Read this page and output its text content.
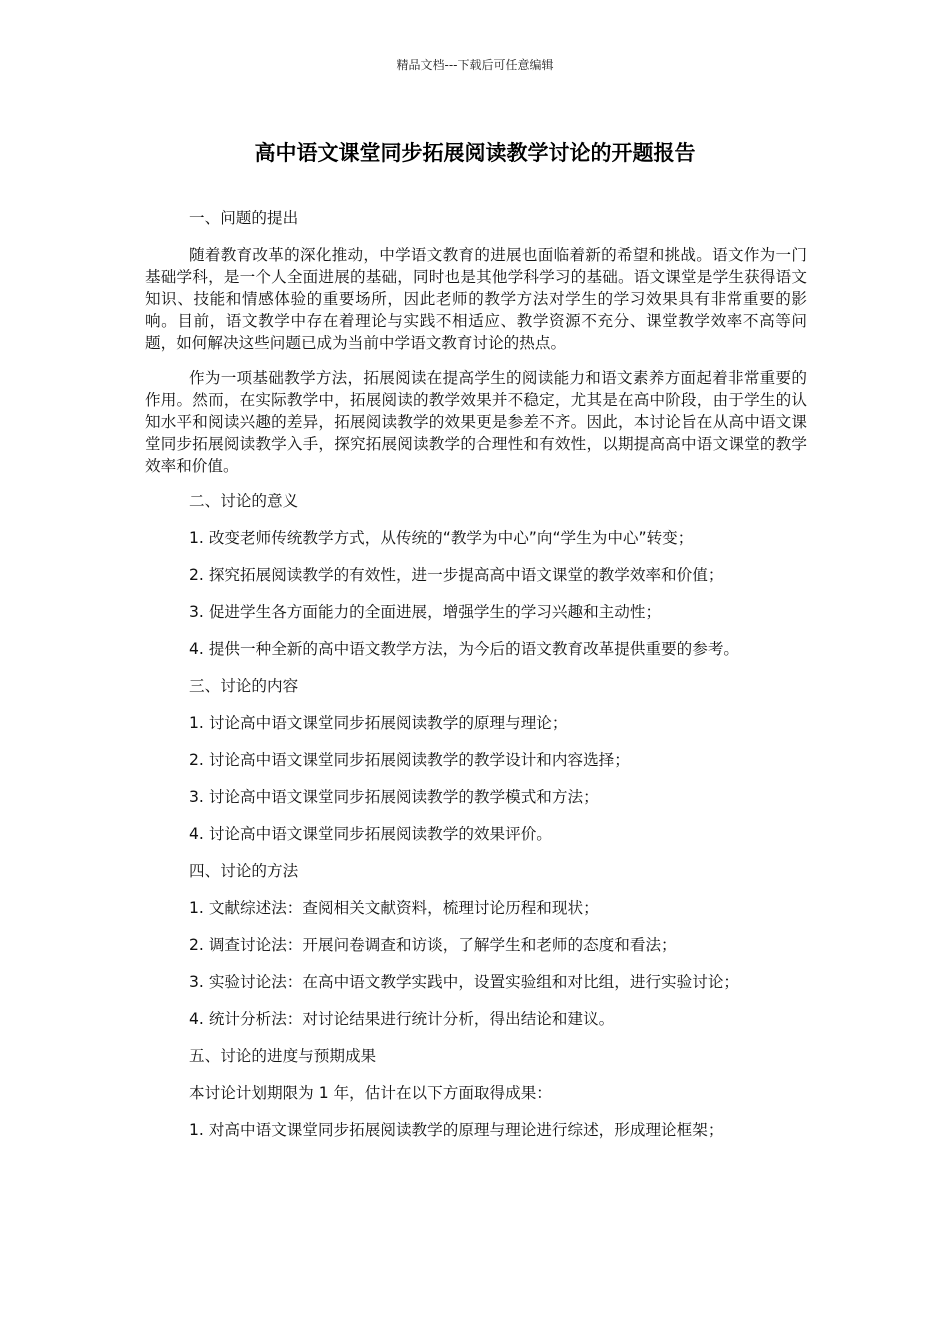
精品文档---下载后可任意编辑
高中语文课堂同步拓展阅读教学讨论的开题报告
一、问题的提出
随着教育改革的深化推动，中学语文教育的进展也面临着新的希望和挑战。语文作为一门基础学科，是一个人全面进展的基础，同时也是其他学科学习的基础。语文课堂是学生获得语文知识、技能和情感体验的重要场所，因此老师的教学方法对学生的学习效果具有非常重要的影响。目前，语文教学中存在着理论与实践不相适应、教学资源不充分、课堂教学效率不高等问题，如何解决这些问题已成为当前中学语文教育讨论的热点。
作为一项基础教学方法，拓展阅读在提高学生的阅读能力和语文素养方面起着非常重要的作用。然而，在实际教学中，拓展阅读的教学效果并不稳定，尤其是在高中阶段，由于学生的认知水平和阅读兴趣的差异，拓展阅读教学的效果更是参差不齐。因此，本讨论旨在从高中语文课堂同步拓展阅读教学入手，探究拓展阅读教学的合理性和有效性，以期提高高中语文课堂的教学效率和价值。
二、讨论的意义
1. 改变老师传统教学方式，从传统的“教学为中心”向“学生为中心”转变；
2. 探究拓展阅读教学的有效性，进一步提高高中语文课堂的教学效率和价值；
3. 促进学生各方面能力的全面进展，增强学生的学习兴趣和主动性；
4. 提供一种全新的高中语文教学方法，为今后的语文教育改革提供重要的参考。
三、讨论的内容
1. 讨论高中语文课堂同步拓展阅读教学的原理与理论；
2. 讨论高中语文课堂同步拓展阅读教学的教学设计和内容选择；
3. 讨论高中语文课堂同步拓展阅读教学的教学模式和方法；
4. 讨论高中语文课堂同步拓展阅读教学的效果评价。
四、讨论的方法
1. 文献综述法：查阅相关文献资料，梳理讨论历程和现状；
2. 调查讨论法：开展问卷调查和访谈，了解学生和老师的态度和看法；
3. 实验讨论法：在高中语文教学实践中，设置实验组和对比组，进行实验讨论；
4. 统计分析法：对讨论结果进行统计分析，得出结论和建议。
五、讨论的进度与预期成果
本讨论计划期限为 1 年，估计在以下方面取得成果：
1. 对高中语文课堂同步拓展阅读教学的原理与理论进行综述，形成理论框架；
